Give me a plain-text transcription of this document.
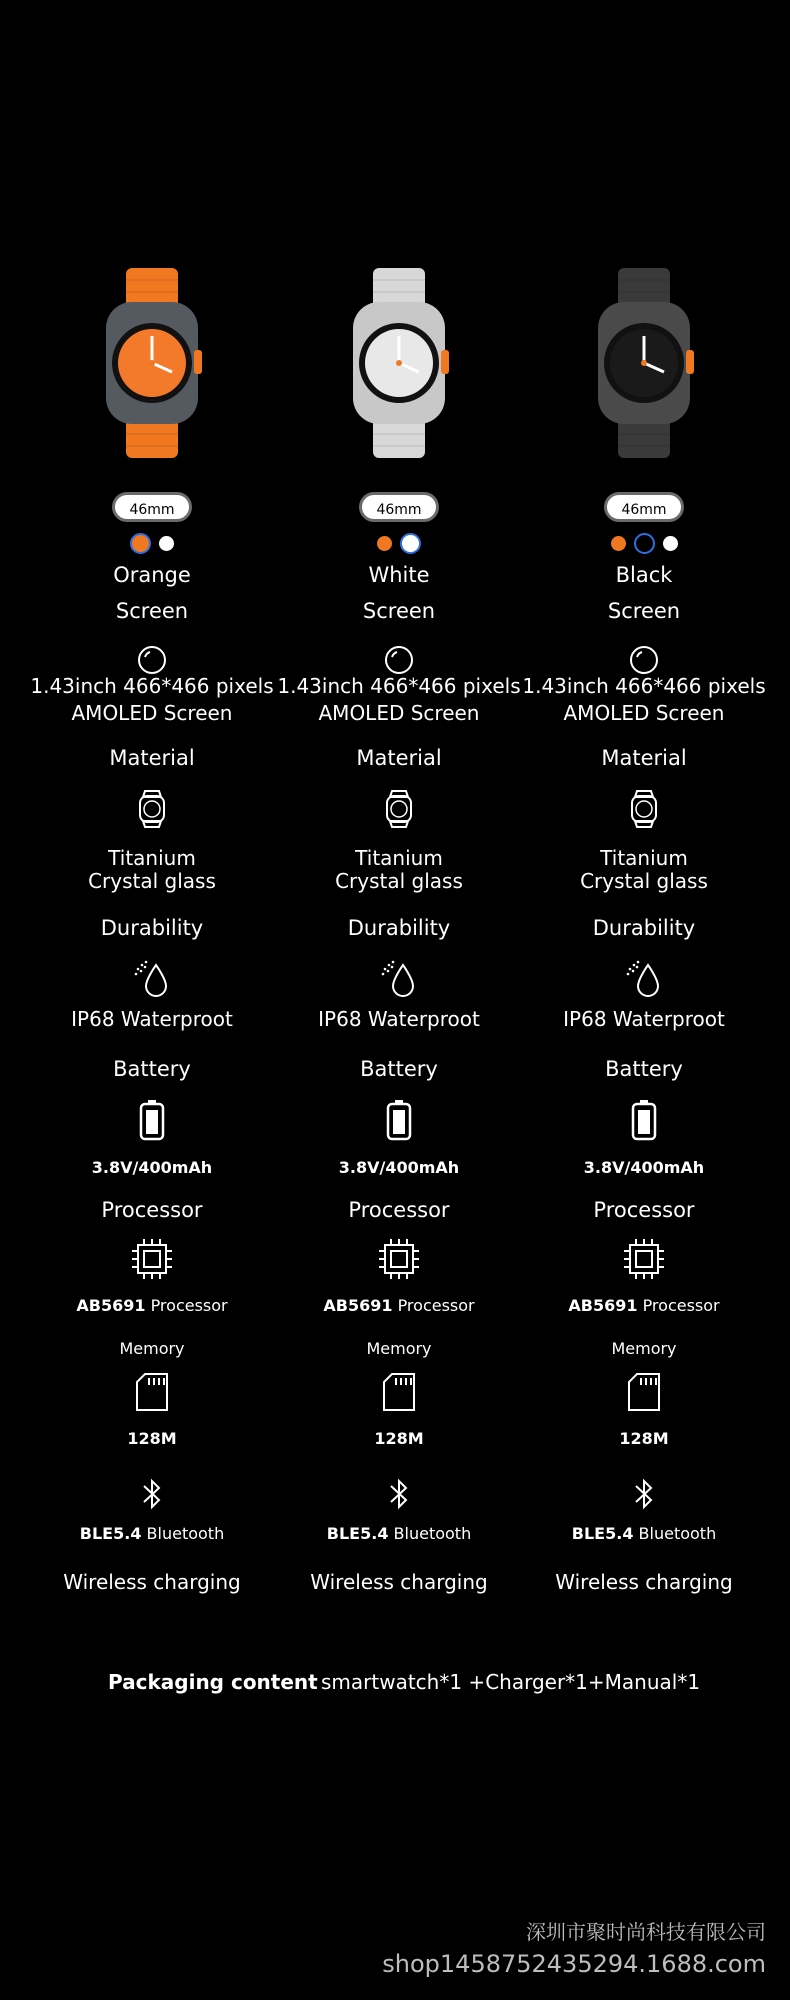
46mm
Orange
Screen
1.43inch 466*466 pixels
AMOLED Screen
Material
Titanium
Crystal glass
Durability
IP68 Waterproot
Battery
3.8V/400mAh
Processor
AB5691 Processor
Memory
128M
BLE5.4 Bluetooth
Wireless charging
46mm
White
Screen
1.43inch 466*466 pixels
AMOLED Screen
Material
Titanium
Crystal glass
Durability
IP68 Waterproot
Battery
3.8V/400mAh
Processor
AB5691 Processor
Memory
128M
BLE5.4 Bluetooth
Wireless charging
46mm
Black
Screen
1.43inch 466*466 pixels
AMOLED Screen
Material
Titanium
Crystal glass
Durability
IP68 Waterproot
Battery
3.8V/400mAh
Processor
AB5691 Processor
Memory
128M
BLE5.4 Bluetooth
Wireless charging
Packaging content smartwatch*1 +Charger*1+Manual*1
深圳市聚时尚科技有限公司
shop1458752435294.1688.com
